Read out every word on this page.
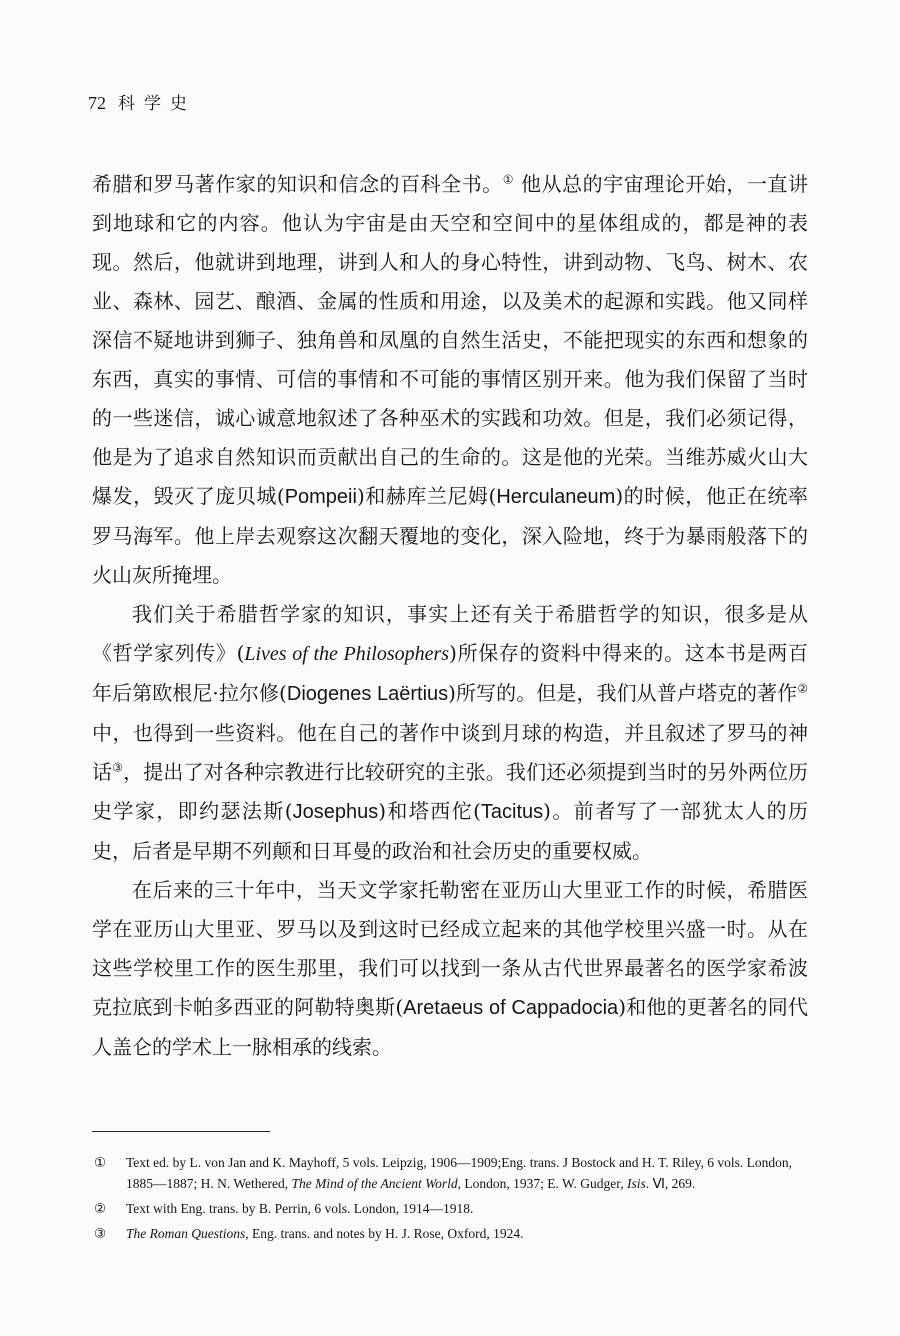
72 科学史

希腊和罗马著作家的知识和信念的百科全书。① 他从总的宇宙理论开始，一直讲到地球和它的内容。他认为宇宙是由天空和空间中的星体组成的，都是神的表现。然后，他就讲到地理，讲到人和人的身心特性，讲到动物、飞鸟、树木、农业、森林、园艺、酿酒、金属的性质和用途，以及美术的起源和实践。他又同样深信不疑地讲到狮子、独角兽和凤凰的自然生活史，不能把现实的东西和想象的东西，真实的事情、可信的事情和不可能的事情区别开来。他为我们保留了当时的一些迷信，诚心诚意地叙述了各种巫术的实践和功效。但是，我们必须记得，他是为了追求自然知识而贡献出自己的生命的。这是他的光荣。当维苏威火山大爆发，毁灭了庞贝城(Pompeii)和赫库兰尼姆(Herculaneum)的时候，他正在统率罗马海军。他上岸去观察这次翻天覆地的变化，深入险地，终于为暴雨般落下的火山灰所掩埋。

我们关于希腊哲学家的知识，事实上还有关于希腊哲学的知识，很多是从《哲学家列传》(Lives of the Philosophers)所保存的资料中得来的。这本书是两百年后第欧根尼·拉尔修(Diogenes Laërtius)所写的。但是，我们从普卢塔克的著作②中，也得到一些资料。他在自己的著作中谈到月球的构造，并且叙述了罗马的神话③，提出了对各种宗教进行比较研究的主张。我们还必须提到当时的另外两位历史学家，即约瑟法斯(Josephus)和塔西佗(Tacitus)。前者写了一部犹太人的历史，后者是早期不列颠和日耳曼的政治和社会历史的重要权威。

在后来的三十年中，当天文学家托勒密在亚历山大里亚工作的时候，希腊医学在亚历山大里亚、罗马以及到这时已经成立起来的其他学校里兴盛一时。从在这些学校里工作的医生那里，我们可以找到一条从古代世界最著名的医学家希波克拉底到卡帕多西亚的阿勒特奥斯(Aretaeus of Cappadocia)和他的更著名的同代人盖仑的学术上一脉相承的线索。

①	Text ed. by L. von Jan and K. Mayhoff, 5 vols. Leipzig, 1906—1909;Eng. trans. J Bostock and H. T. Riley, 6 vols. London, 1885—1887; H. N. Wethered, The Mind of the Ancient World, London, 1937; E. W. Gudger, Isis. Ⅵ, 269.
②	Text with Eng. trans. by B. Perrin, 6 vols. London, 1914—1918.
③	The Roman Questions, Eng. trans. and notes by H. J. Rose, Oxford, 1924.
